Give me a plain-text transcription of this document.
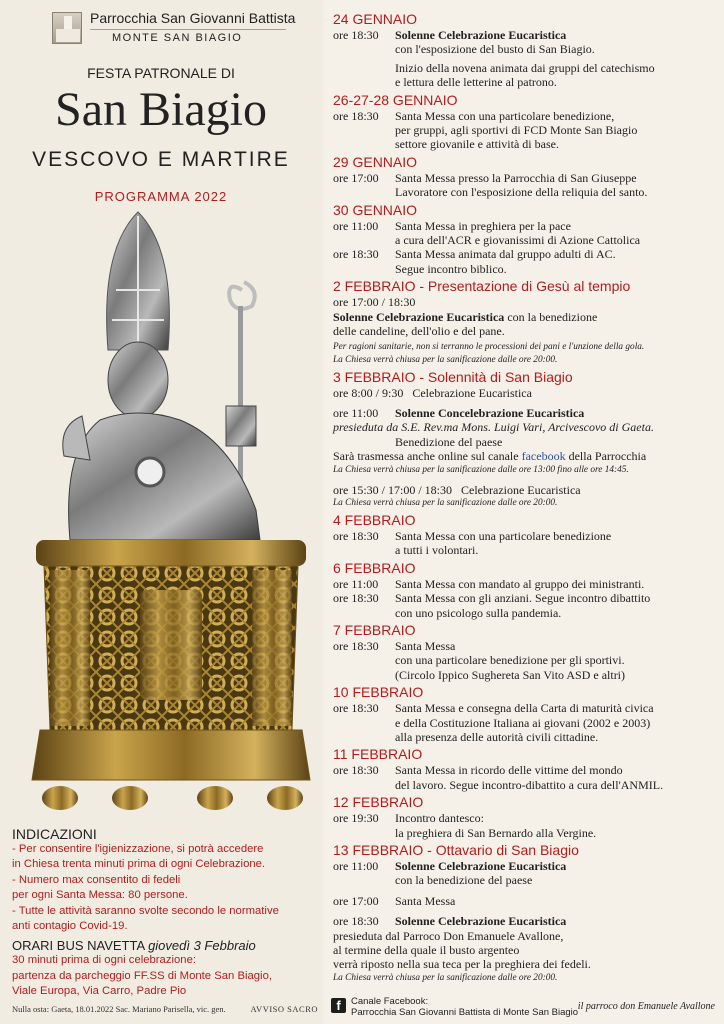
Parrocchia San Giovanni Battista
MONTE SAN BIAGIO
FESTA PATRONALE DI
San Biagio
VESCOVO E MARTIRE
PROGRAMMA 2022
INDICAZIONI
- Per consentire l'igienizzazione, si potrà accedere
in Chiesa trenta minuti prima di ogni Celebrazione.
- Numero max consentito di fedeli
per ogni Santa Messa: 80 persone.
- Tutte le attività saranno svolte secondo le normative
anti contagio Covid-19.
ORARI BUS NAVETTA giovedì 3 Febbraio
30 minuti prima di ogni celebrazione:
partenza da parcheggio FF.SS di Monte San Biagio,
Viale Europa, Via Carro, Padre Pio
Nulla osta: Gaeta, 18.01.2022 Sac. Mariano Parisella, vic. gen.	AVVISO SACRO
24 GENNAIO
ore 18:30	Solenne Celebrazione Eucaristica
con l'esposizione del busto di San Biagio.
Inizio della novena animata dai gruppi del catechismo
e lettura delle letterine al patrono.
26-27-28 GENNAIO
ore 18:30	Santa Messa con una particolare benedizione,
per gruppi, agli sportivi di FCD Monte San Biagio
settore giovanile e attività di base.
29 GENNAIO
ore 17:00	Santa Messa presso la Parrocchia di San Giuseppe
Lavoratore con l'esposizione della reliquia del santo.
30 GENNAIO
ore 11:00	Santa Messa in preghiera per la pace
a cura dell'ACR e giovanissimi di Azione Cattolica
ore 18:30	Santa Messa animata dal gruppo adulti di AC.
Segue incontro biblico.
2 FEBBRAIO - Presentazione di Gesù al tempio
ore 17:00 / 18:30
Solenne Celebrazione Eucaristica con la benedizione
delle candeline, dell'olio e del pane.
Per ragioni sanitarie, non si terranno le processioni dei pani e l'unzione della gola.
La Chiesa verrà chiusa per la sanificazione dalle ore 20:00.
3 FEBBRAIO - Solennità di San Biagio
ore 8:00 / 9:30 Celebrazione Eucaristica
ore 11:00	Solenne Concelebrazione Eucaristica
presieduta da S.E. Rev.ma Mons. Luigi Vari, Arcivescovo di Gaeta.
Benedizione del paese
Sarà trasmessa anche online sul canale facebook della Parrocchia
La Chiesa verrà chiusa per la sanificazione dalle ore 13:00 fino alle ore 14:45.
ore 15:30 / 17:00 / 18:30 Celebrazione Eucaristica
La Chiesa verrà chiusa per la sanificazione dalle ore 20:00.
4 FEBBRAIO
ore 18:30	Santa Messa con una particolare benedizione
a tutti i volontari.
6 FEBBRAIO
ore 11:00	Santa Messa con mandato al gruppo dei ministranti.
ore 18:30	Santa Messa con gli anziani. Segue incontro dibattito
con uno psicologo sulla pandemia.
7 FEBBRAIO
ore 18:30	Santa Messa
con una particolare benedizione per gli sportivi.
(Circolo Ippico Sughereta San Vito ASD e altri)
10 FEBBRAIO
ore 18:30	Santa Messa e consegna della Carta di maturità civica
e della Costituzione Italiana ai giovani (2002 e 2003)
alla presenza delle autorità civili cittadine.
11 FEBBRAIO
ore 18:30	Santa Messa in ricordo delle vittime del mondo
del lavoro. Segue incontro-dibattito a cura dell'ANMIL.
12 FEBBRAIO
ore 19:30	Incontro dantesco:
la preghiera di San Bernardo alla Vergine.
13 FEBBRAIO - Ottavario di San Biagio
ore 11:00	Solenne Celebrazione Eucaristica
con la benedizione del paese
ore 17:00	Santa Messa
ore 18:30	Solenne Celebrazione Eucaristica
presieduta dal Parroco Don Emanuele Avallone,
al termine della quale il busto argenteo
verrà riposto nella sua teca per la preghiera dei fedeli.
La Chiesa verrà chiusa per la sanificazione dalle ore 20:00.
f	Canale Facebook:
Parrocchia San Giovanni Battista di Monte San Biagio
il parroco don Emanuele Avallone
